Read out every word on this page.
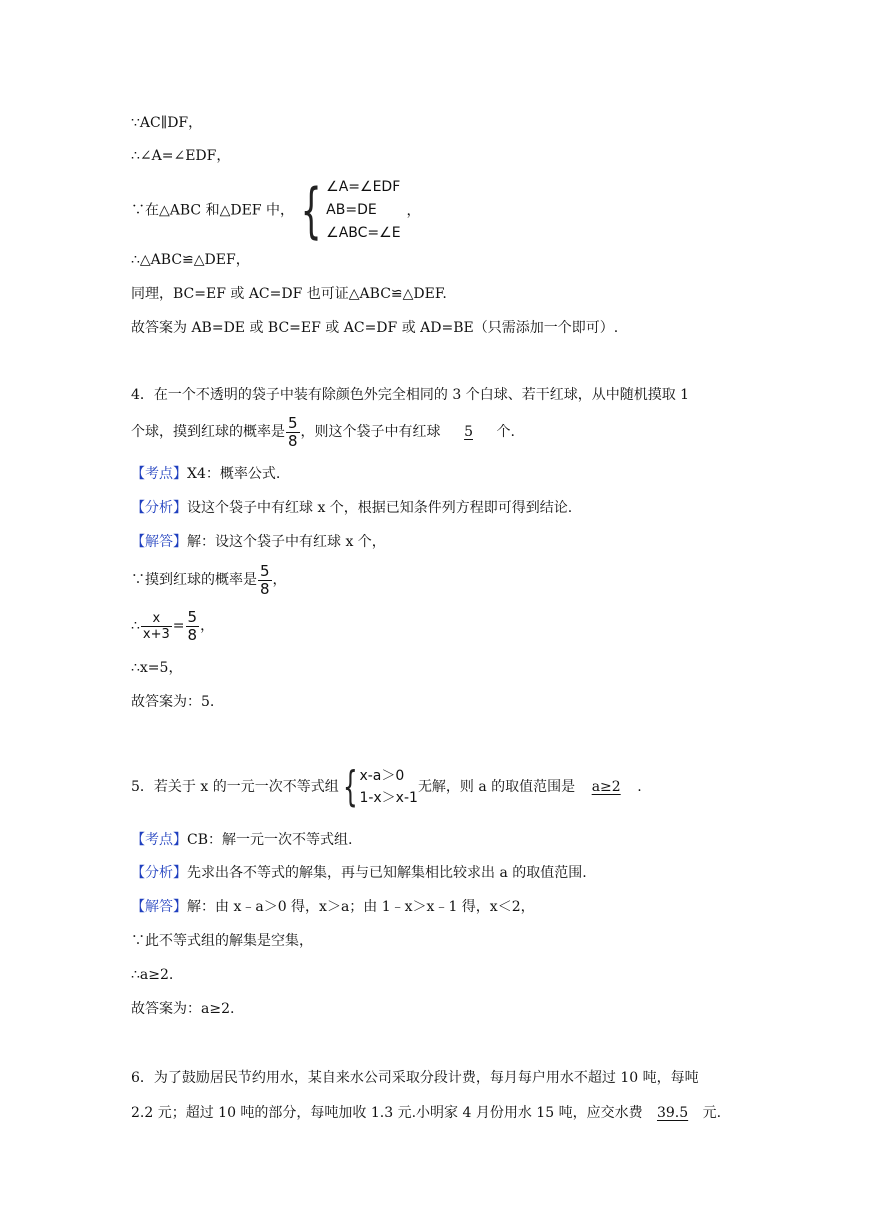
∵AC∥DF，
∴∠A=∠EDF，
∵在△ABC 和△DEF 中， { ∠A=∠EDF
AB=DE
∠ABC=∠E
，
∴△ABC≌△DEF，
同理，BC=EF 或 AC=DF 也可证△ABC≌△DEF.
故答案为 AB=DE 或 BC=EF 或 AC=DF 或 AD=BE（只需添加一个即可）.
4．在一个不透明的袋子中装有除颜色外完全相同的 3 个白球、若干红球，从中随机摸取 1
个球，摸到红球的概率是 $\frac{5}{8}$ ，则这个袋子中有红球 5 个.
【考点】X4：概率公式.
【分析】设这个袋子中有红球 x 个，根据已知条件列方程即可得到结论.
【解答】解：设这个袋子中有红球 x 个，
∵摸到红球的概率是 $\frac{5}{8}$ ，
∴ $\frac{x}{x+3} = \frac{5}{8}$ ，
∴x=5，
故答案为：5.
5．若关于 x 的一元一次不等式组{ x-a＞0
1-x＞x-1
无解，则 a 的取值范围是 a≥2 .
【考点】CB：解一元一次不等式组.
【分析】先求出各不等式的解集，再与已知解集相比较求出 a 的取值范围.
【解答】解：由 x﹣a＞0 得，x＞a；由 1﹣x＞x﹣1 得，x＜2，
∵此不等式组的解集是空集，
∴a≥2.
故答案为：a≥2.
6．为了鼓励居民节约用水，某自来水公司采取分段计费，每月每户用水不超过 10 吨，每吨
2.2 元；超过 10 吨的部分，每吨加收 1.3 元.小明家 4 月份用水 15 吨，应交水费 39.5 元.
